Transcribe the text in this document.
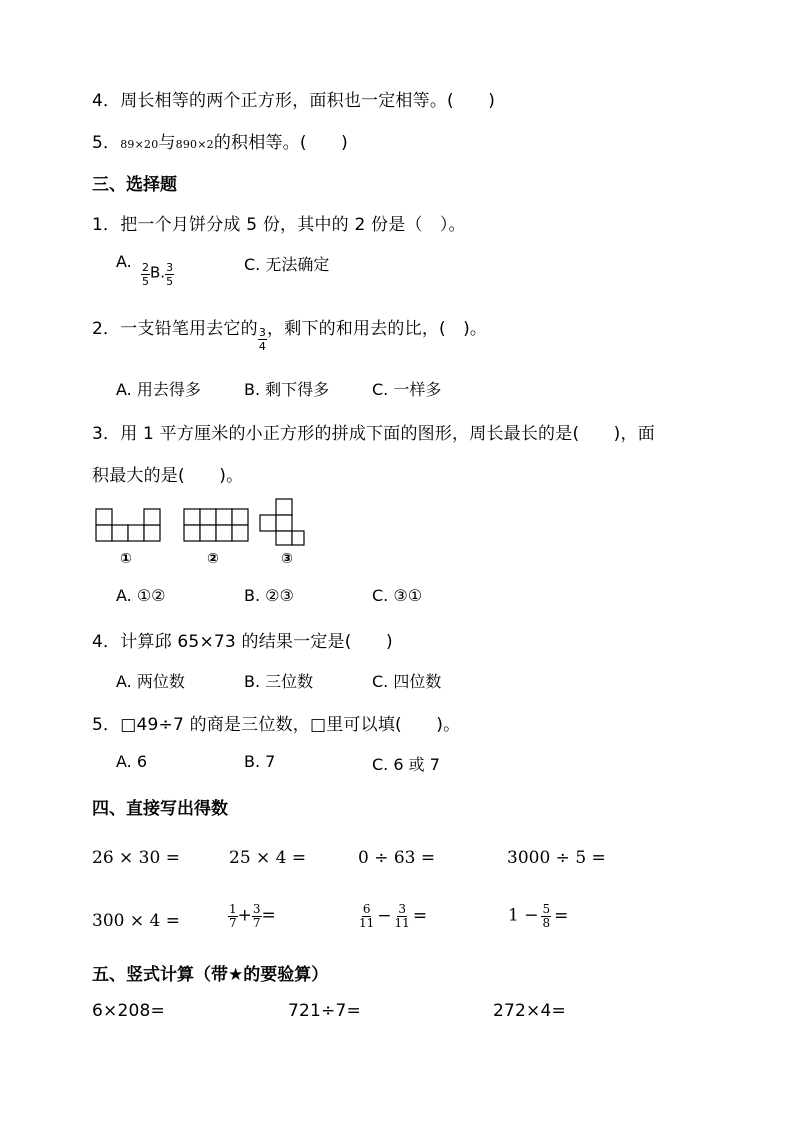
4．周长相等的两个正方形，面积也一定相等。(　　)
5．89×20与890×2的积相等。(　　)
三、选择题
1．把一个月饼分成 5 份，其中的 2 份是（　）。
A.
$\frac{2}{5} B$. $\frac{3}{5}$	C. 无法确定
2．一支铅笔用去它的 $\frac{3}{4}$ ，剩下的和用去的比，(　)。
A. 用去得多	B. 剩下得多	C. 一样多
3．用 1 平方厘米的小正方形的拼成下面的图形，周长最长的是(　　)，面
积最大的是(　　)。
①	②	③
A. ①②	B. ②③	C. ③①
4．计算邱 65×73 的结果一定是(　　)
A. 两位数	B. 三位数	C. 四位数
5．□49÷7 的商是三位数，□里可以填(　　)。
A. 6	B. 7	C. 6 或 7
四、直接写出得数
26 × 30 =	25 × 4 =	0 ÷ 63 =	3000 ÷ 5 =
300 × 4 =	$\frac{1}{7} + \frac{3}{7}$ =	$\frac{6}{11} - \frac{3}{11}$ =	$1 - \frac{5}{8}$ =
五、竖式计算（带★的要验算）
6×208=	721÷7=	272×4=
